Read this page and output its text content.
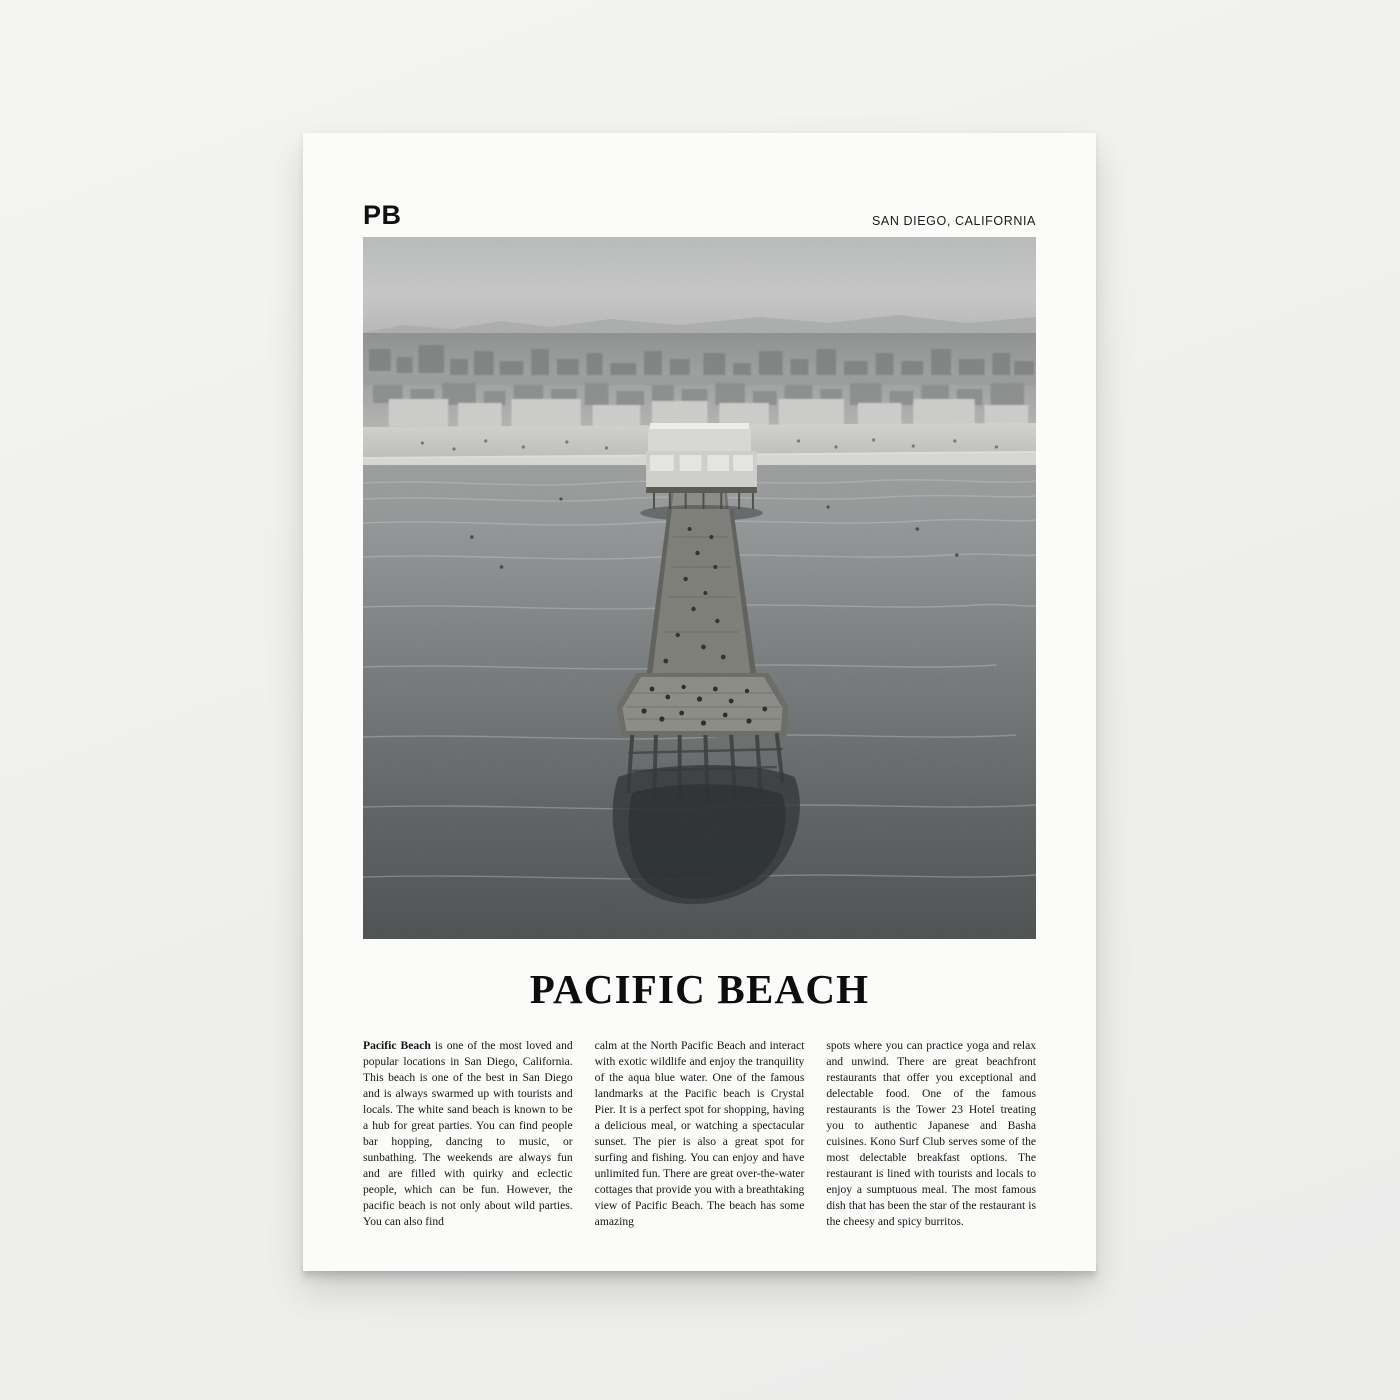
PB	SAN DIEGO, CALIFORNIA
PACIFIC BEACH
Pacific Beach is one of the most loved and popular locations in San Diego, California. This beach is one of the best in San Diego and is always swarmed up with tourists and locals. The white sand beach is known to be a hub for great parties. You can find people bar hopping, dancing to music, or sunbathing. The weekends are always fun and are filled with quirky and eclectic people, which can be fun. However, the pacific beach is not only about wild parties. You can also find
calm at the North Pacific Beach and interact with exotic wildlife and enjoy the tranquility of the aqua blue water. One of the famous landmarks at the Pacific beach is Crystal Pier. It is a perfect spot for shopping, having a delicious meal, or watching a spectacular sunset. The pier is also a great spot for surfing and fishing. You can enjoy and have unlimited fun. There are great over-the-water cottages that provide you with a breathtaking view of Pacific Beach. The beach has some amazing
spots where you can practice yoga and relax and unwind. There are great beachfront restaurants that offer you exceptional and delectable food. One of the famous restaurants is the Tower 23 Hotel treating you to authentic Japanese and Basha cuisines. Kono Surf Club serves some of the most delectable breakfast options. The restaurant is lined with tourists and locals to enjoy a sumptuous meal. The most famous dish that has been the star of the restaurant is the cheesy and spicy burritos.
